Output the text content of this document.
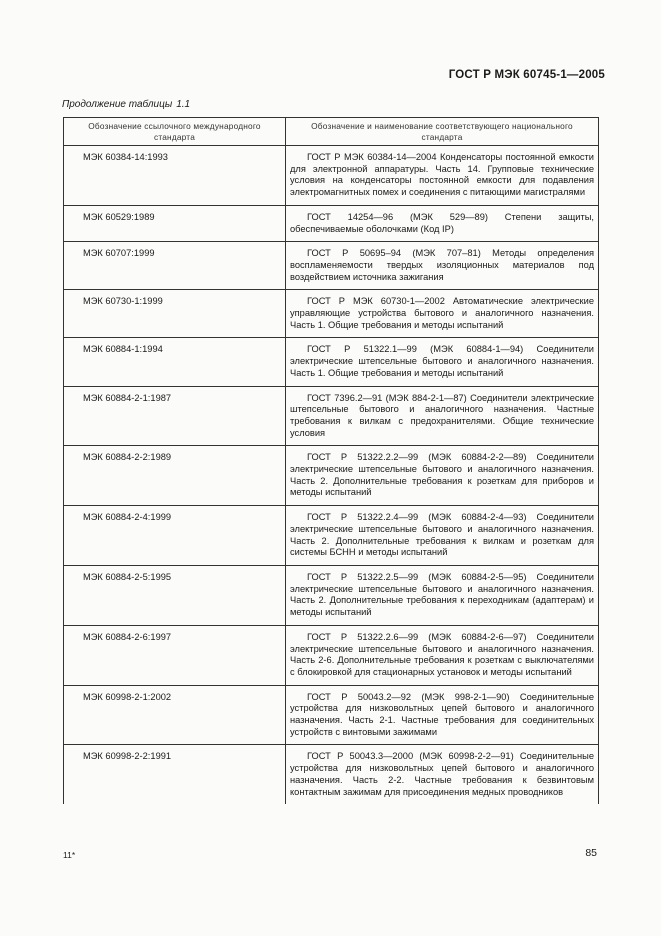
ГОСТ Р МЭК 60745-1—2005
Продолжение таблицы 1.1
Обозначение ссылочного международного стандарта	Обозначение и наименование соответствующего национального стандарта
МЭК 60384-14:1993	ГОСТ Р МЭК 60384-14—2004 Конденсаторы постоянной емкости для электронной аппаратуры. Часть 14. Групповые технические условия на конденсаторы постоянной емкости для подавления электромагнитных помех и соединения с питающими магистралями
МЭК 60529:1989	ГОСТ 14254—96 (МЭК 529—89) Степени защиты, обеспечиваемые оболочками (Код IP)
МЭК 60707:1999	ГОСТ Р 50695–94 (МЭК 707–81) Методы определения воспламеняемости твердых изоляционных материалов под воздействием источника зажигания
МЭК 60730-1:1999	ГОСТ Р МЭК 60730-1—2002 Автоматические электрические управляющие устройства бытового и аналогичного назначения. Часть 1. Общие требования и методы испытаний
МЭК 60884-1:1994	ГОСТ Р 51322.1—99 (МЭК 60884-1—94) Соединители электрические штепсельные бытового и аналогичного назначения. Часть 1. Общие требования и методы испытаний
МЭК 60884-2-1:1987	ГОСТ 7396.2—91 (МЭК 884-2-1—87) Соединители электрические штепсельные бытового и аналогичного назначения. Частные требования к вилкам с предохранителями. Общие технические условия
МЭК 60884-2-2:1989	ГОСТ Р 51322.2.2—99 (МЭК 60884-2-2—89) Соединители электрические штепсельные бытового и аналогичного назначения. Часть 2. Дополнительные требования к розеткам для приборов и методы испытаний
МЭК 60884-2-4:1999	ГОСТ Р 51322.2.4—99 (МЭК 60884-2-4—93) Соединители электрические штепсельные бытового и аналогичного назначения. Часть 2. Дополнительные требования к вилкам и розеткам для системы БСНН и методы испытаний
МЭК 60884-2-5:1995	ГОСТ Р 51322.2.5—99 (МЭК 60884-2-5—95) Соединители электрические штепсельные бытового и аналогичного назначения. Часть 2. Дополнительные требования к переходникам (адаптерам) и методы испытаний
МЭК 60884-2-6:1997	ГОСТ Р 51322.2.6—99 (МЭК 60884-2-6—97) Соединители электрические штепсельные бытового и аналогичного назначения. Часть 2-6. Дополнительные требования к розеткам с выключателями с блокировкой для стационарных установок и методы испытаний
МЭК 60998-2-1:2002	ГОСТ Р 50043.2—92 (МЭК 998-2-1—90) Соединительные устройства для низковольтных цепей бытового и аналогичного назначения. Часть 2-1. Частные требования для соединительных устройств с винтовыми зажимами
МЭК 60998-2-2:1991	ГОСТ Р 50043.3—2000 (МЭК 60998-2-2—91) Соединительные устройства для низковольтных цепей бытового и аналогичного назначения. Часть 2-2. Частные требования к безвинтовым контактным зажимам для присоединения медных проводников
11*	85
